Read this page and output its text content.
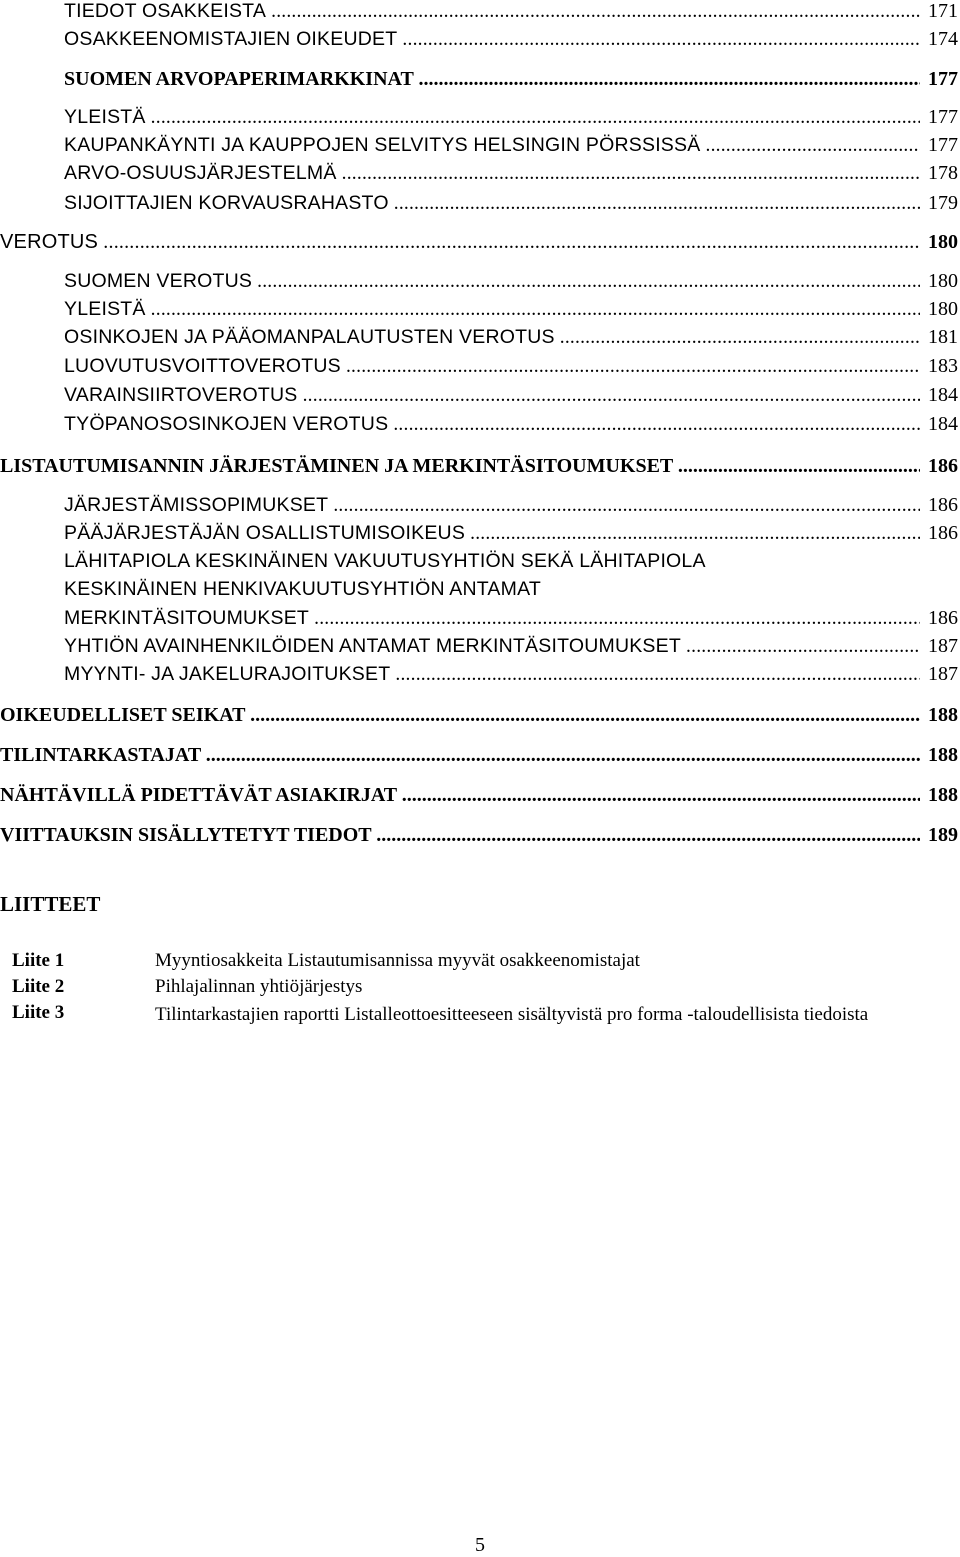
TIEDOT OSAKKEISTA .....	171
OSAKKEENOMISTAJIEN OIKEUDET .....	174
SUOMEN ARVOPAPERIMARKKINAT .....	177
YLEISTÄ .....	177
KAUPANKÄYNTI JA KAUPPOJEN SELVITYS HELSINGIN PÖRSSISSÄ .....	177
ARVO-OSUUSJÄRJESTELMÄ .....	178
SIJOITTAJIEN KORVAUSRAHASTO .....	179
VEROTUS .....	180
SUOMEN VEROTUS .....	180
YLEISTÄ .....	180
OSINKOJEN JA PÄÄOMANPALAUTUSTEN VEROTUS .....	181
LUOVUTUSVOITTOVEROTUS .....	183
VARAINSIIRTOVEROTUS .....	184
TYÖPANOSOSINKOJEN VEROTUS .....	184
LISTAUTUMISANNIN JÄRJESTÄMINEN JA MERKINTÄSITOUMUKSET .....	186
JÄRJESTÄMISSOPIMUKSET .....	186
PÄÄJÄRJESTÄJÄN OSALLISTUMISOIKEUS .....	186
LÄHITAPIOLA KESKINÄINEN VAKUUTUSYHTIÖN SEKÄ LÄHITAPIOLA
KESKINÄINEN HENKIVAKUUTUSYHTIÖN ANTAMAT
MERKINTÄSITOUMUKSET .....	186
YHTIÖN AVAINHENKILÖIDEN ANTAMAT MERKINTÄSITOUMUKSET .....	187
MYYNTI- JA JAKELURAJOITUKSET .....	187
OIKEUDELLISET SEIKAT .....	188
TILINTARKASTAJAT .....	188
NÄHTÄVILLÄ PIDETTÄVÄT ASIAKIRJAT .....	188
VIITTAUKSIN SISÄLLYTETYT TIEDOT .....	189
LIITTEET
Liite 1	Myyntiosakkeita Listautumisannissa myyvät osakkeenomistajat
Liite 2	Pihlajalinnan yhtiöjärjestys
Liite 3	Tilintarkastajien raportti Listalleottoesitteeseen sisältyvistä pro forma -taloudellisista tiedoista
5
